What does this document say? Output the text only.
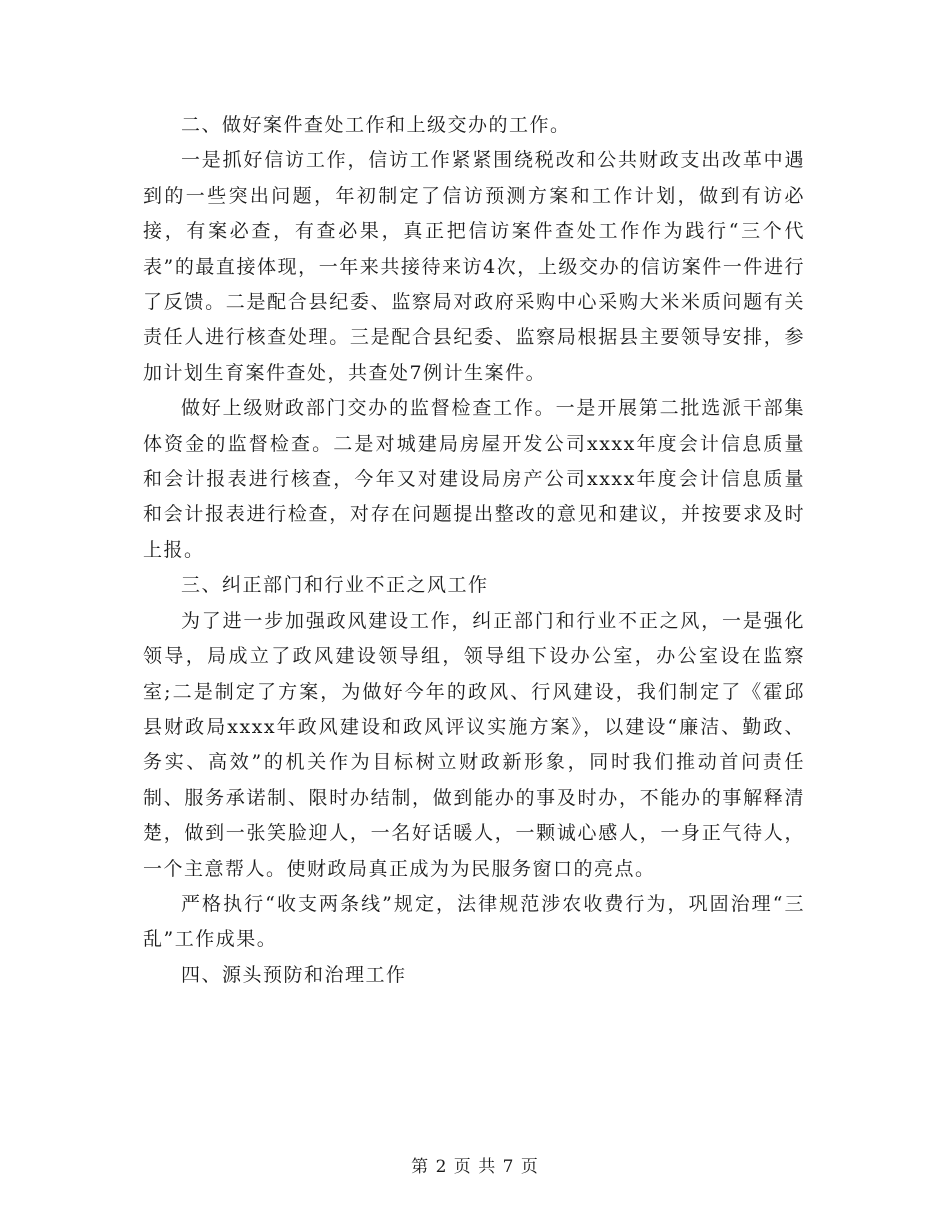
二、做好案件查处工作和上级交办的工作。

一是抓好信访工作，信访工作紧紧围绕税改和公共财政支出改革中遇到的一些突出问题，年初制定了信访预测方案和工作计划，做到有访必接，有案必查，有查必果，真正把信访案件查处工作作为践行“三个代表”的最直接体现，一年来共接待来访4次，上级交办的信访案件一件进行了反馈。二是配合县纪委、监察局对政府采购中心采购大米米质问题有关责任人进行核查处理。三是配合县纪委、监察局根据县主要领导安排，参加计划生育案件查处，共查处7例计生案件。

做好上级财政部门交办的监督检查工作。一是开展第二批选派干部集体资金的监督检查。二是对城建局房屋开发公司xxxx年度会计信息质量和会计报表进行核查，今年又对建设局房产公司xxxx年度会计信息质量和会计报表进行检查，对存在问题提出整改的意见和建议，并按要求及时上报。

三、纠正部门和行业不正之风工作

为了进一步加强政风建设工作，纠正部门和行业不正之风，一是强化领导，局成立了政风建设领导组，领导组下设办公室，办公室设在监察室;二是制定了方案，为做好今年的政风、行风建设，我们制定了《霍邱县财政局xxxx年政风建设和政风评议实施方案》，以建设“廉洁、勤政、务实、高效”的机关作为目标树立财政新形象，同时我们推动首问责任制、服务承诺制、限时办结制，做到能办的事及时办，不能办的事解释清楚，做到一张笑脸迎人，一名好话暖人，一颗诚心感人，一身正气待人，一个主意帮人。使财政局真正成为为民服务窗口的亮点。

严格执行“收支两条线”规定，法律规范涉农收费行为，巩固治理“三乱”工作成果。

四、源头预防和治理工作

第 2 页 共 7 页
